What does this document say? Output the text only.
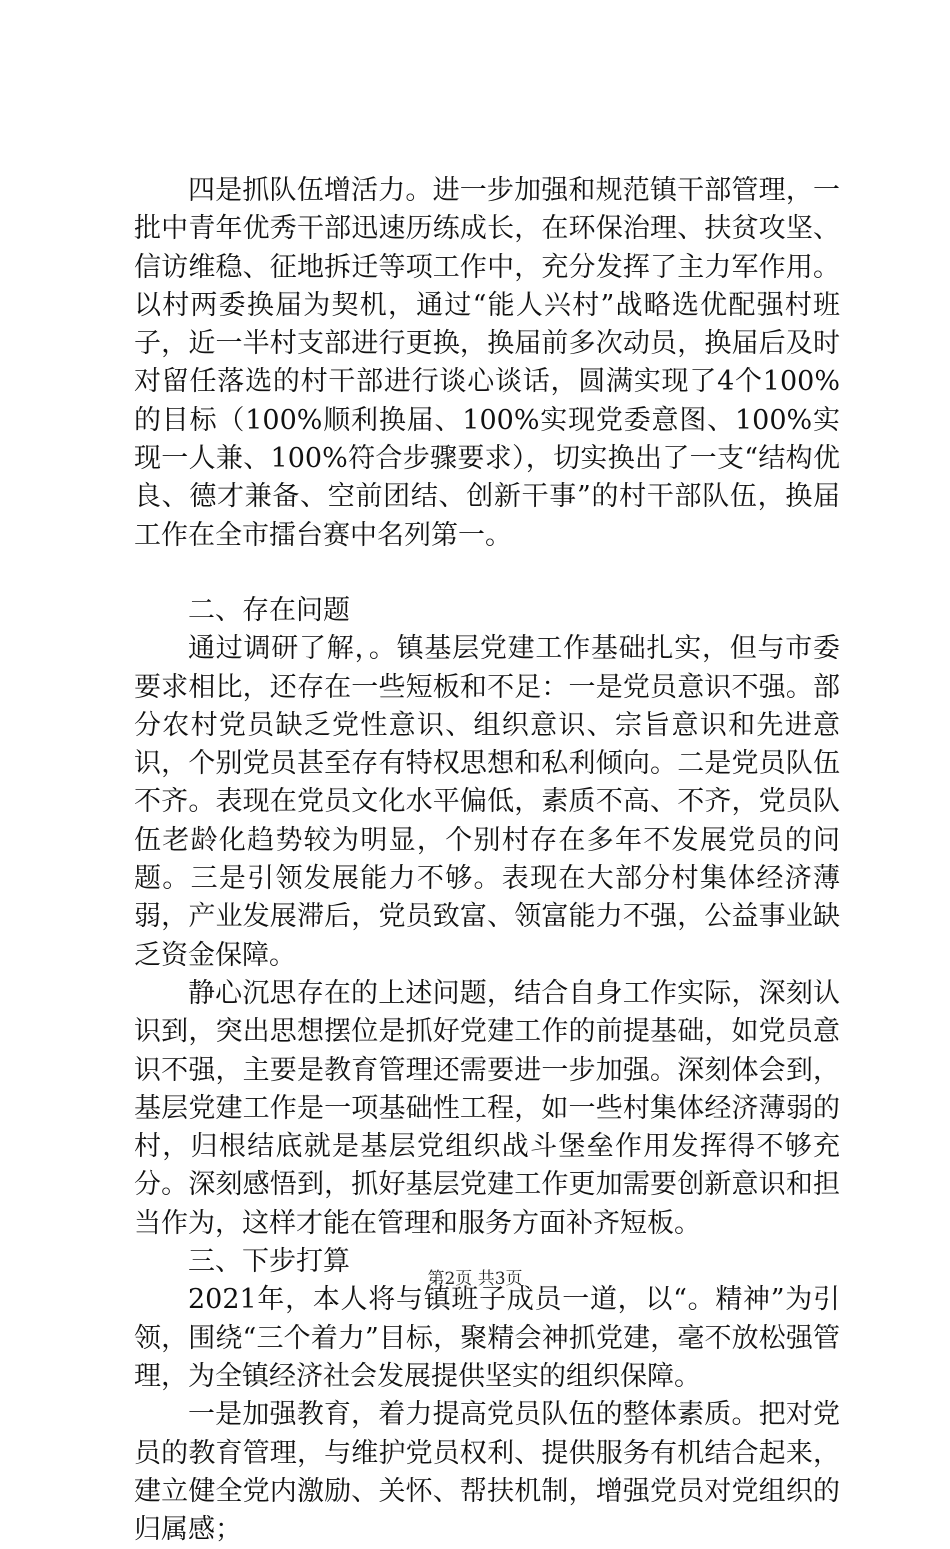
四是抓队伍增活力。进一步加强和规范镇干部管理，一批中青年优秀干部迅速历练成长，在环保治理、扶贫攻坚、信访维稳、征地拆迁等项工作中，充分发挥了主力军作用。以村两委换届为契机，通过“能人兴村”战略选优配强村班子，近一半村支部进行更换，换届前多次动员，换届后及时对留任落选的村干部进行谈心谈话，圆满实现了4个100%的目标（100%顺利换届、100%实现党委意图、100%实现一人兼、100%符合步骤要求），切实换出了一支“结构优良、德才兼备、空前团结、创新干事”的村干部队伍，换届工作在全市擂台赛中名列第一。

二、存在问题

通过调研了解，。镇基层党建工作基础扎实，但与市委要求相比，还存在一些短板和不足：一是党员意识不强。部分农村党员缺乏党性意识、组织意识、宗旨意识和先进意识，个别党员甚至存有特权思想和私利倾向。二是党员队伍不齐。表现在党员文化水平偏低，素质不高、不齐，党员队伍老龄化趋势较为明显，个别村存在多年不发展党员的问题。三是引领发展能力不够。表现在大部分村集体经济薄弱，产业发展滞后，党员致富、领富能力不强，公益事业缺乏资金保障。

静心沉思存在的上述问题，结合自身工作实际，深刻认识到，突出思想摆位是抓好党建工作的前提基础，如党员意识不强，主要是教育管理还需要进一步加强。深刻体会到，基层党建工作是一项基础性工程，如一些村集体经济薄弱的村，归根结底就是基层党组织战斗堡垒作用发挥得不够充分。深刻感悟到，抓好基层党建工作更加需要创新意识和担当作为，这样才能在管理和服务方面补齐短板。

三、下步打算

2021年，本人将与镇班子成员一道，以“。精神”为引领，围绕“三个着力”目标，聚精会神抓党建，毫不放松强管理，为全镇经济社会发展提供坚实的组织保障。

一是加强教育，着力提高党员队伍的整体素质。把对党员的教育管理，与维护党员权利、提供服务有机结合起来，建立健全党内激励、关怀、帮扶机制，增强党员对党组织的归属感；

第2页 共3页
